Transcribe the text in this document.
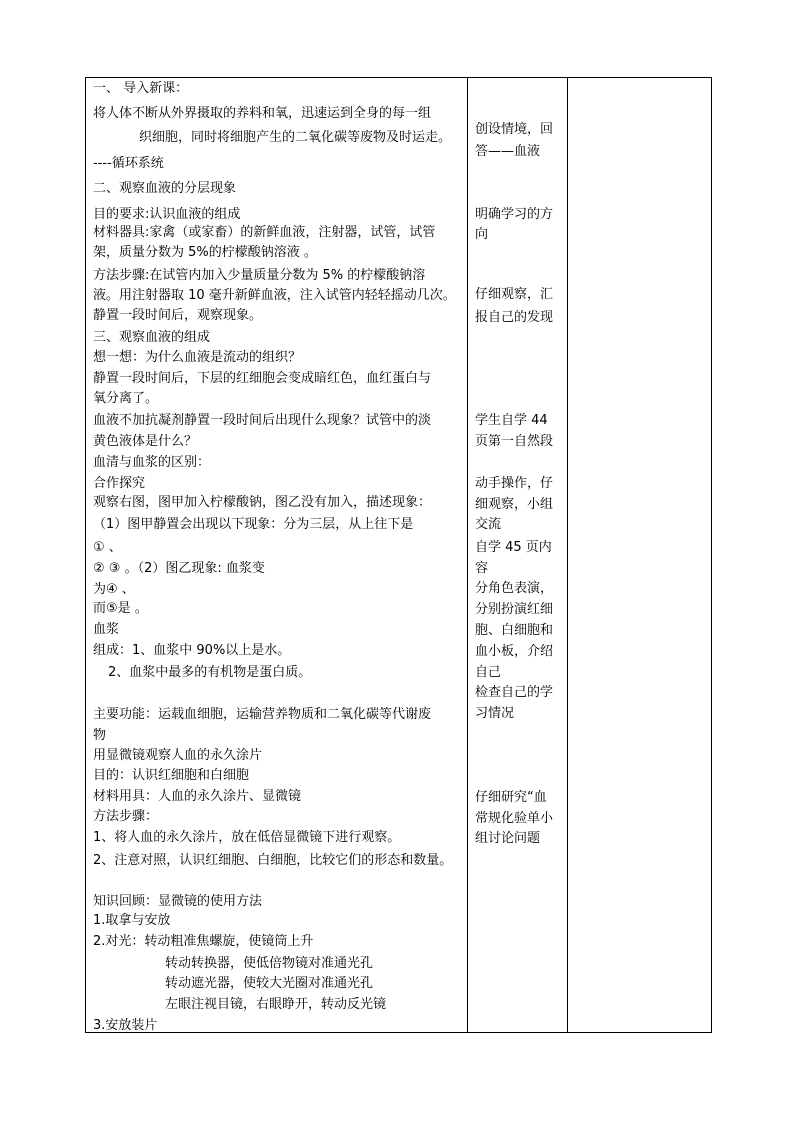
一、 导入新课：
将人体不断从外界摄取的养料和氧，迅速运到全身的每一组
织细胞，同时将细胞产生的二氧化碳等废物及时运走。
----循环系统
二、观察血液的分层现象
目的要求:认识血液的组成
材料器具:家禽（或家畜）的新鲜血液，注射器，试管，试管
架，质量分数为 5%的柠檬酸钠溶液 。
方法步骤:在试管内加入少量质量分数为 5% 的柠檬酸钠溶
液。用注射器取 10 毫升新鲜血液，注入试管内轻轻摇动几次。
静置一段时间后，观察现象。
三、观察血液的组成
想一想：为什么血液是流动的组织？
静置一段时间后，下层的红细胞会变成暗红色，血红蛋白与
氧分离了。
血液不加抗凝剂静置一段时间后出现什么现象？试管中的淡
黄色液体是什么？
血清与血浆的区别：
合作探究
观察右图，图甲加入柠檬酸钠，图乙没有加入，描述现象：
（1）图甲静置会出现以下现象：分为三层，从上往下是
① 、
② ③ 。（2）图乙现象: 血浆变
为④ 、
而⑤是 。
血浆
组成：1、血浆中 90%以上是水。
2、血浆中最多的有机物是蛋白质。
主要功能：运载血细胞，运输营养物质和二氧化碳等代谢废
物
用显微镜观察人血的永久涂片
目的：认识红细胞和白细胞
材料用具：人血的永久涂片、显微镜
方法步骤：
1、将人血的永久涂片，放在低倍显微镜下进行观察。
2、注意对照，认识红细胞、白细胞，比较它们的形态和数量。
知识回顾：显微镜的使用方法
1.取拿与安放
2.对光：转动粗准焦螺旋，使镜筒上升
转动转换器，使低倍物镜对准通光孔
转动遮光器，使较大光圈对准通光孔
左眼注视目镜，右眼睁开，转动反光镜
3.安放装片
创设情境，回
答——血液
明确学习的方
向
仔细观察，汇
报自己的发现
学生自学 44
页第一自然段
动手操作，仔
细观察，小组
交流
自学 45 页内
容
分角色表演，
分别扮演红细
胞、白细胞和
血小板，介绍
自己
检查自己的学
习情况
仔细研究“血
常规化验单小
组讨论问题
